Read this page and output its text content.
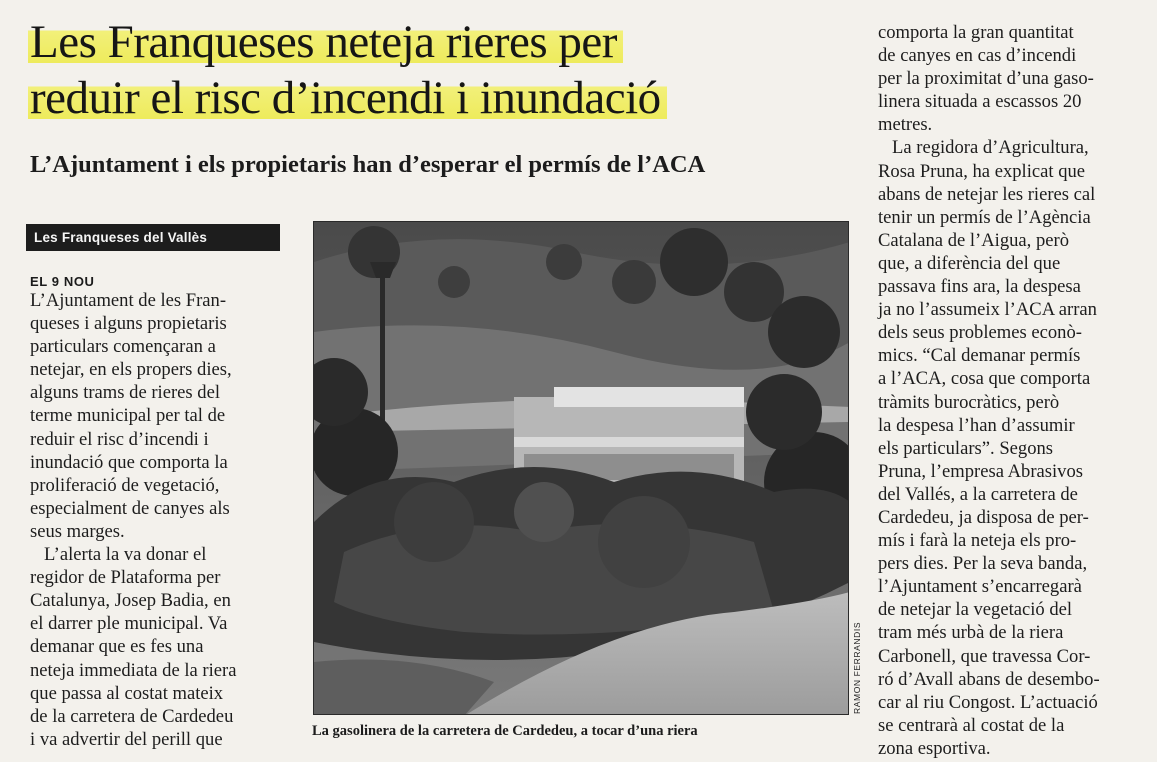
Les Franqueses neteja rieres per
reduir el risc d’incendi i inundació
L’Ajuntament i els propietaris han d’esperar el permís de l’ACA
Les Franqueses del Vallès
EL 9 NOU
L’Ajuntament de les Fran-
queses i alguns propietaris
particulars començaran a
netejar, en els propers dies,
alguns trams de rieres del
terme municipal per tal de
reduir el risc d’incendi i
inundació que comporta la
proliferació de vegetació,
especialment de canyes als
seus marges.
L’alerta la va donar el
regidor de Plataforma per
Catalunya, Josep Badia, en
el darrer ple municipal. Va
demanar que es fes una
neteja immediata de la riera
que passa al costat mateix
de la carretera de Cardedeu
i va advertir del perill que
RAMON FERRANDIS
La gasolinera de la carretera de Cardedeu, a tocar d’una riera
comporta la gran quantitat
de canyes en cas d’incendi
per la proximitat d’una gaso-
linera situada a escassos 20
metres.
La regidora d’Agricultura,
Rosa Pruna, ha explicat que
abans de netejar les rieres cal
tenir un permís de l’Agència
Catalana de l’Aigua, però
que, a diferència del que
passava fins ara, la despesa
ja no l’assumeix l’ACA arran
dels seus problemes econò-
mics. “Cal demanar permís
a l’ACA, cosa que comporta
tràmits burocràtics, però
la despesa l’han d’assumir
els particulars”. Segons
Pruna, l’empresa Abrasivos
del Vallés, a la carretera de
Cardedeu, ja disposa de per-
mís i farà la neteja els pro-
pers dies. Per la seva banda,
l’Ajuntament s’encarregarà
de netejar la vegetació del
tram més urbà de la riera
Carbonell, que travessa Cor-
ró d’Avall abans de desembo-
car al riu Congost. L’actuació
se centrarà al costat de la
zona esportiva.
